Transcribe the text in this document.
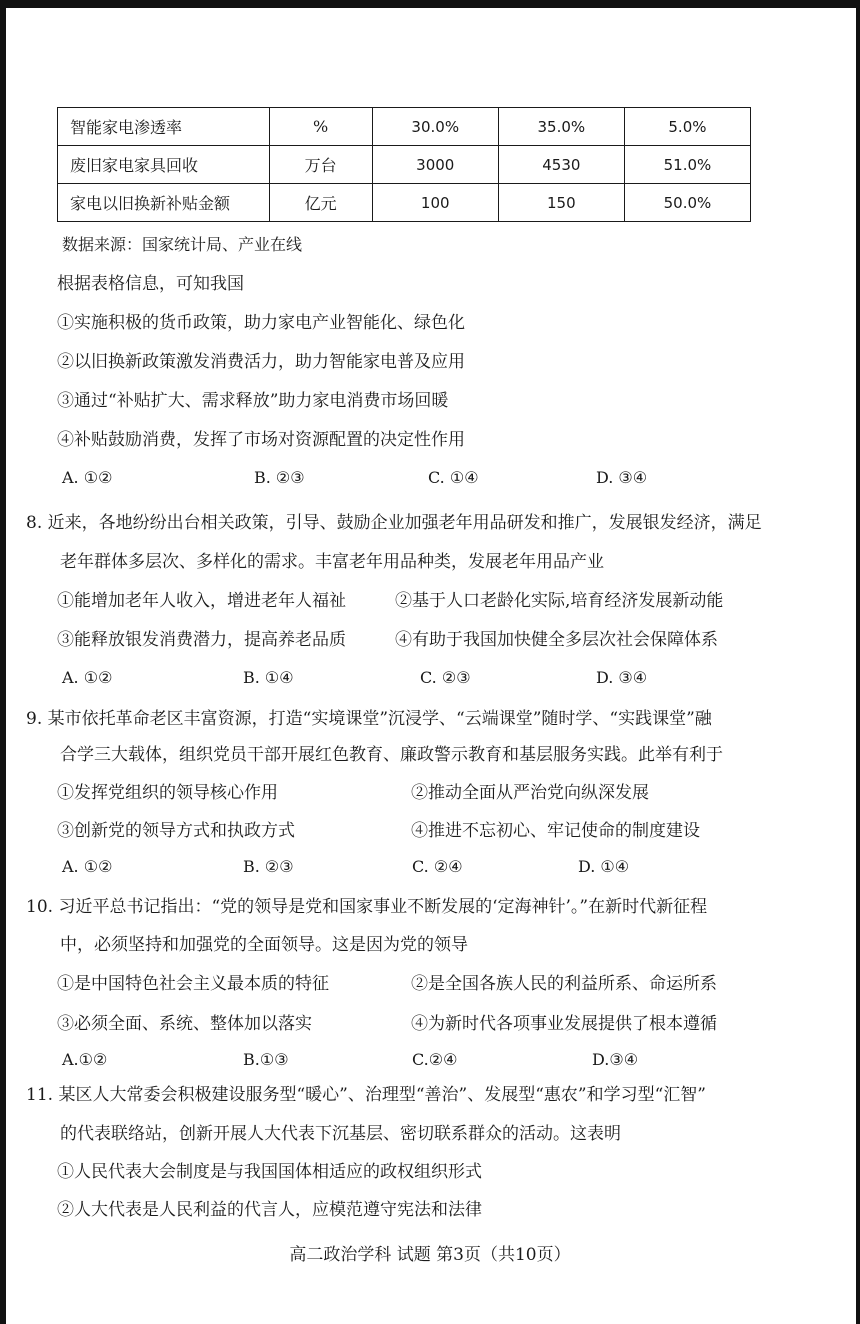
智能家电渗透率	%	30.0%	35.0%	5.0%
废旧家电家具回收	万台	3000	4530	51.0%
家电以旧换新补贴金额	亿元	100	150	50.0%
数据来源：国家统计局、产业在线
根据表格信息，可知我国
①实施积极的货币政策，助力家电产业智能化、绿色化
②以旧换新政策激发消费活力，助力智能家电普及应用
③通过“补贴扩大、需求释放”助力家电消费市场回暖
④补贴鼓励消费，发挥了市场对资源配置的决定性作用
A. ①②	B. ②③	C. ①④	D. ③④
8. 近来，各地纷纷出台相关政策，引导、鼓励企业加强老年用品研发和推广，发展银发经济，满足
老年群体多层次、多样化的需求。丰富老年用品种类，发展老年用品产业
①能增加老年人收入，增进老年人福祉	②基于人口老龄化实际,培育经济发展新动能
③能释放银发消费潜力，提高养老品质	④有助于我国加快健全多层次社会保障体系
A. ①②	B. ①④	C. ②③	D. ③④
9. 某市依托革命老区丰富资源，打造“实境课堂”沉浸学、“云端课堂”随时学、“实践课堂”融
合学三大载体，组织党员干部开展红色教育、廉政警示教育和基层服务实践。此举有利于
①发挥党组织的领导核心作用	②推动全面从严治党向纵深发展
③创新党的领导方式和执政方式	④推进不忘初心、牢记使命的制度建设
A. ①②	B. ②③	C. ②④	D. ①④
10. 习近平总书记指出：“党的领导是党和国家事业不断发展的‘定海神针’。”在新时代新征程
中，必须坚持和加强党的全面领导。这是因为党的领导
①是中国特色社会主义最本质的特征	②是全国各族人民的利益所系、命运所系
③必须全面、系统、整体加以落实	④为新时代各项事业发展提供了根本遵循
A.①②	B.①③	C.②④	D.③④
11. 某区人大常委会积极建设服务型“暖心”、治理型“善治”、发展型“惠农”和学习型“汇智”
的代表联络站，创新开展人大代表下沉基层、密切联系群众的活动。这表明
①人民代表大会制度是与我国国体相适应的政权组织形式
②人大代表是人民利益的代言人，应模范遵守宪法和法律
高二政治学科 试题 第3页（共10页）
